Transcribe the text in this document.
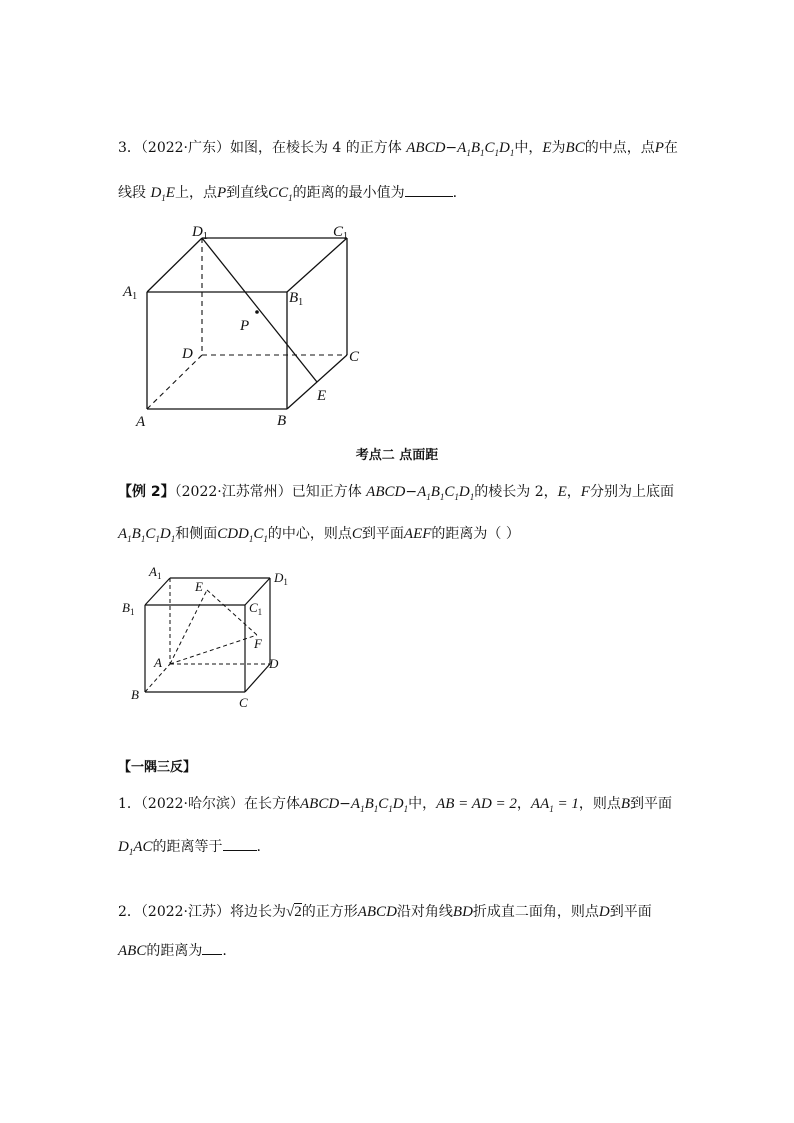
3．（2022·广东）如图，在棱长为 4 的正方体 $ABCD-A_1B_1C_1D_1$中，E为BC的中点，点P在
线段 $D_1E$上，点P到直线$CC_1$的距离的最小值为	.
$D_1$	$C_1$
$A_1$	$B_1$
P
D	C
E
A	B
考点二 点面距
【例 2】（2022·江苏常州）已知正方体 $ABCD-A_1B_1C_1D_1$的棱长为 2，E，F分别为上底面
$A_1B_1C_1D_1$和侧面$CDD_1C_1$的中心，则点C到平面AEF的距离为（ ）
$A_1$	$D_1$
E
$B_1$	$C_1$
F
A	D
B
C
【一隅三反】
1．（2022·哈尔滨）在长方体$ABCD-A_1B_1C_1D_1$中，AB = AD = 2，$AA_1 = 1$，则点B到平面
$D_1AC$的距离等于 .
2．（2022·江苏）将边长为√2的正方形ABCD沿对角线BD折成直二面角，则点D到平面
ABC的距离为 .
